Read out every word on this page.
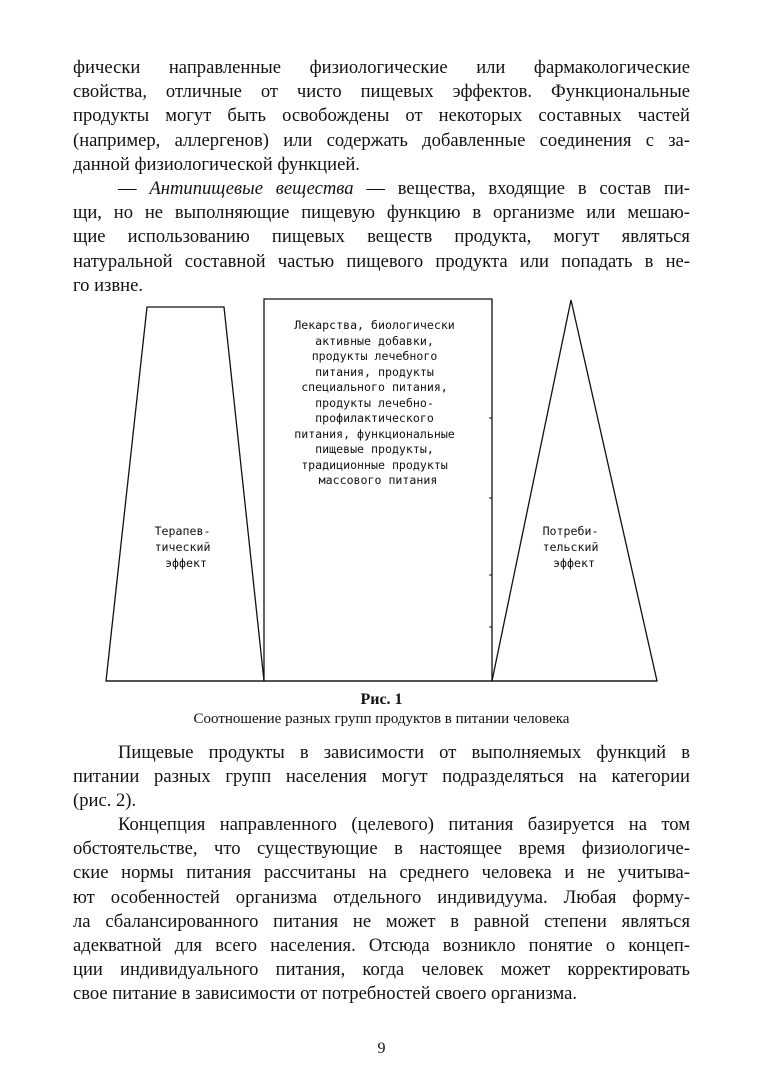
фически направленные физиологические или фармакологические
свойства, отличные от чисто пищевых эффектов. Функциональные
продукты могут быть освобождены от некоторых составных частей
(например, аллергенов) или содержать добавленные соединения с за-
данной физиологической функцией.
— Антипищевые вещества — вещества, входящие в состав пи-
щи, но не выполняющие пищевую функцию в организме или мешаю-
щие использованию пищевых веществ продукта, могут являться
натуральной составной частью пищевого продукта или попадать в не-
го извне.
Терапев- тический эффект
Лекарства, биологически активные добавки, продукты лечебного питания, продукты специального питания, продукты лечебно- профилактического питания, функциональные пищевые продукты, традиционные продукты массового питания
Потреби- тельский эффект
Рис. 1
Соотношение разных групп продуктов в питании человека
Пищевые продукты в зависимости от выполняемых функций в
питании разных групп населения могут подразделяться на категории
(рис. 2).
Концепция направленного (целевого) питания базируется на том
обстоятельстве, что существующие в настоящее время физиологиче-
ские нормы питания рассчитаны на среднего человека и не учитыва-
ют особенностей организма отдельного индивидуума. Любая форму-
ла сбалансированного питания не может в равной степени являться
адекватной для всего населения. Отсюда возникло понятие о концеп-
ции индивидуального питания, когда человек может корректировать
свое питание в зависимости от потребностей своего организма.
9
